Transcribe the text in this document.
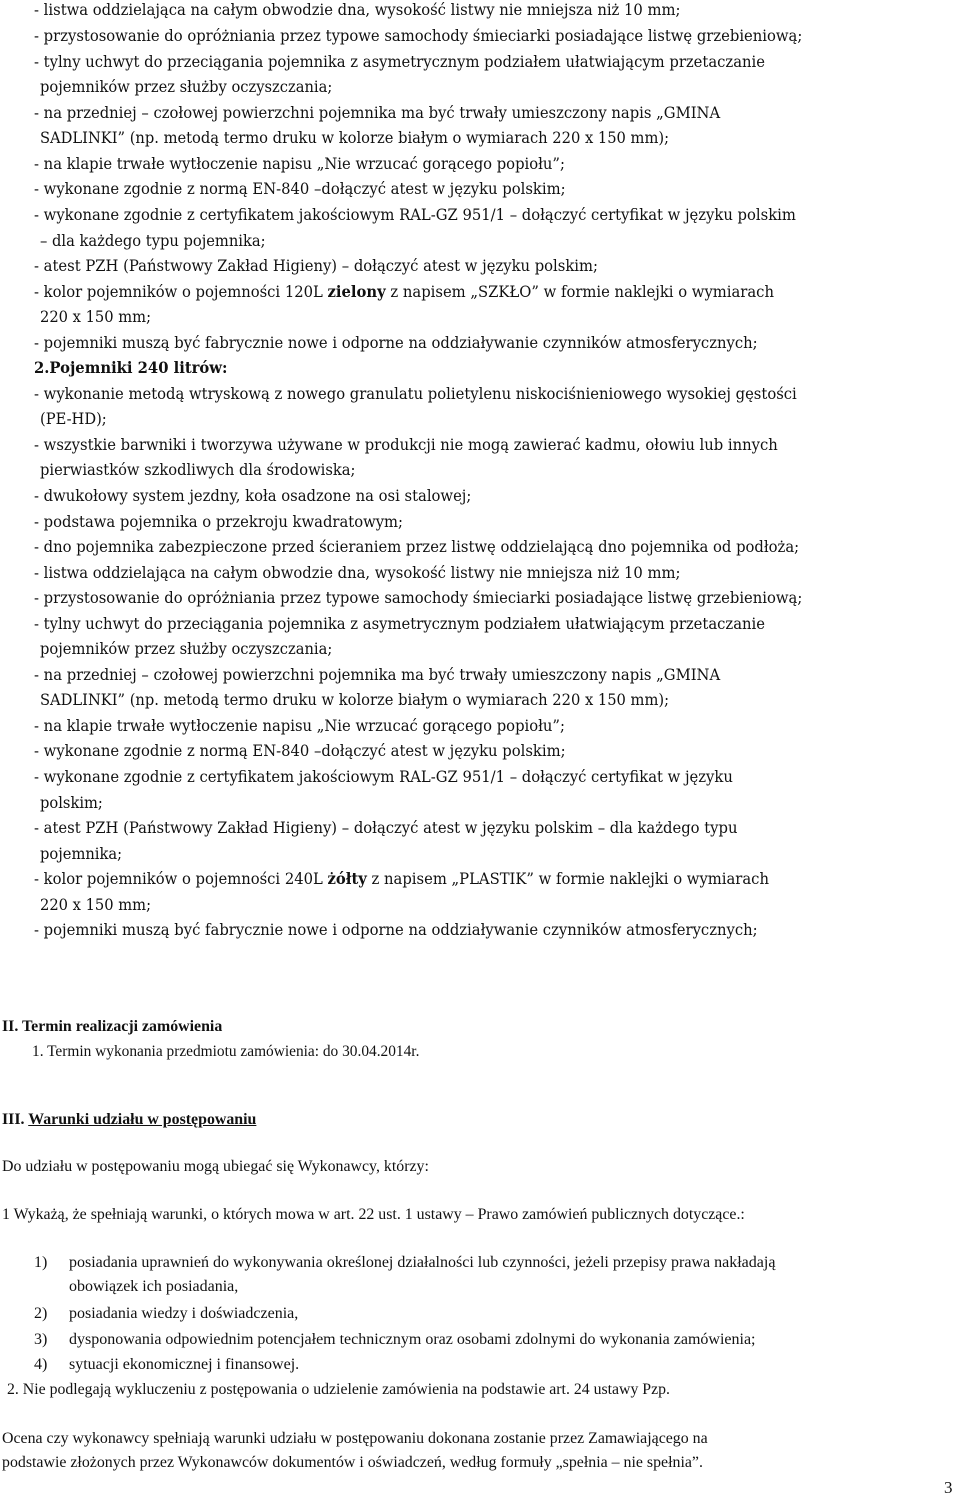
- listwa oddzielająca na całym obwodzie dna, wysokość listwy nie mniejsza niż 10 mm;
- przystosowanie do opróżniania przez typowe samochody śmieciarki posiadające listwę grzebieniową;
- tylny uchwyt do przeciągania pojemnika z asymetrycznym podziałem ułatwiającym przetaczanie
pojemników przez służby oczyszczania;
- na przedniej – czołowej powierzchni pojemnika ma być trwały umieszczony napis „GMINA
SADLINKI” (np. metodą termo druku w kolorze białym o wymiarach 220 x 150 mm);
- na klapie trwałe wytłoczenie napisu „Nie wrzucać gorącego popiołu”;
- wykonane zgodnie z normą EN-840 –dołączyć atest w języku polskim;
- wykonane zgodnie z certyfikatem jakościowym RAL-GZ 951/1 – dołączyć certyfikat w języku polskim
– dla każdego typu pojemnika;
- atest PZH (Państwowy Zakład Higieny) – dołączyć atest w języku polskim;
- kolor pojemników o pojemności 120L zielony z napisem „SZKŁO” w formie naklejki o wymiarach
220 x 150 mm;
- pojemniki muszą być fabrycznie nowe i odporne na oddziaływanie czynników atmosferycznych;
2.Pojemniki 240 litrów:
- wykonanie metodą wtryskową z nowego granulatu polietylenu niskociśnieniowego wysokiej gęstości
(PE-HD);
- wszystkie barwniki i tworzywa używane w produkcji nie mogą zawierać kadmu, ołowiu lub innych
pierwiastków szkodliwych dla środowiska;
- dwukołowy system jezdny, koła osadzone na osi stalowej;
- podstawa pojemnika o przekroju kwadratowym;
- dno pojemnika zabezpieczone przed ścieraniem przez listwę oddzielającą dno pojemnika od podłoża;
- listwa oddzielająca na całym obwodzie dna, wysokość listwy nie mniejsza niż 10 mm;
- przystosowanie do opróżniania przez typowe samochody śmieciarki posiadające listwę grzebieniową;
- tylny uchwyt do przeciągania pojemnika z asymetrycznym podziałem ułatwiającym przetaczanie
pojemników przez służby oczyszczania;
- na przedniej – czołowej powierzchni pojemnika ma być trwały umieszczony napis „GMINA
SADLINKI” (np. metodą termo druku w kolorze białym o wymiarach 220 x 150 mm);
- na klapie trwałe wytłoczenie napisu „Nie wrzucać gorącego popiołu”;
- wykonane zgodnie z normą EN-840 –dołączyć atest w języku polskim;
- wykonane zgodnie z certyfikatem jakościowym RAL-GZ 951/1 – dołączyć certyfikat w języku
polskim;
- atest PZH (Państwowy Zakład Higieny) – dołączyć atest w języku polskim – dla każdego typu
pojemnika;
- kolor pojemników o pojemności 240L żółty z napisem „PLASTIK” w formie naklejki o wymiarach
220 x 150 mm;
- pojemniki muszą być fabrycznie nowe i odporne na oddziaływanie czynników atmosferycznych;
II. Termin realizacji zamówienia
1. Termin wykonania przedmiotu zamówienia: do 30.04.2014r.
III. Warunki udziału w postępowaniu
Do udziału w postępowaniu mogą ubiegać się Wykonawcy, którzy:
1 Wykażą, że spełniają warunki, o których mowa w art. 22 ust. 1 ustawy – Prawo zamówień publicznych dotyczące.:
1) posiadania uprawnień do wykonywania określonej działalności lub czynności, jeżeli przepisy prawa nakładają
obowiązek ich posiadania,
2) posiadania wiedzy i doświadczenia,
3) dysponowania odpowiednim potencjałem technicznym oraz osobami zdolnymi do wykonania zamówienia;
4) sytuacji ekonomicznej i finansowej.
2. Nie podlegają wykluczeniu z postępowania o udzielenie zamówienia na podstawie art. 24 ustawy Pzp.
Ocena czy wykonawcy spełniają warunki udziału w postępowaniu dokonana zostanie przez Zamawiającego na
podstawie złożonych przez Wykonawców dokumentów i oświadczeń, według formuły „spełnia – nie spełnia”.
3
